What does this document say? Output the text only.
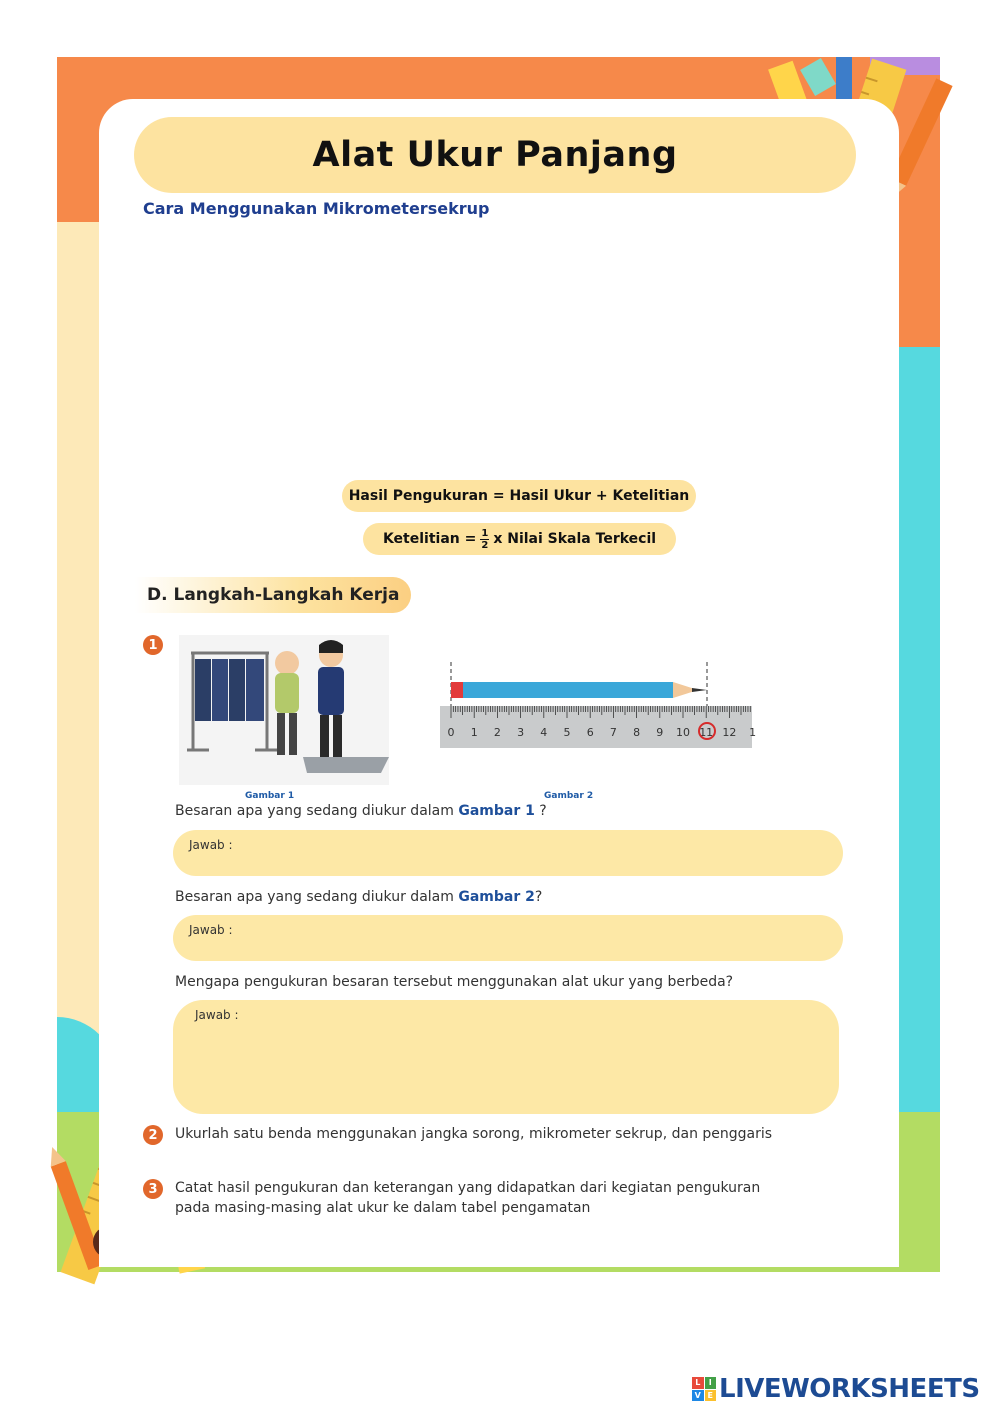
Alat Ukur Panjang
Cara Menggunakan Mikrometersekrup
Hasil Pengukuran = Hasil Ukur + Ketelitian
Ketelitian = $\frac{1}{2}$ x Nilai Skala Terkecil
D. Langkah-Langkah Kerja
1
0 1 2 3 4 5 6 7 8 9 10 11 12 1
Gambar 1	Gambar 2
Besaran apa yang sedang diukur dalam Gambar 1 ?
Jawab :
Besaran apa yang sedang diukur dalam Gambar 2?
Jawab :
Mengapa pengukuran besaran tersebut menggunakan alat ukur yang berbeda?
Jawab :
2	Ukurlah satu benda menggunakan jangka sorong, mikrometer sekrup, dan penggaris
3	Catat hasil pengukuran dan keterangan yang didapatkan dari kegiatan pengukuran
pada masing-masing alat ukur ke dalam tabel pengamatan
L	I
V E LIVEWORKSHEETS
